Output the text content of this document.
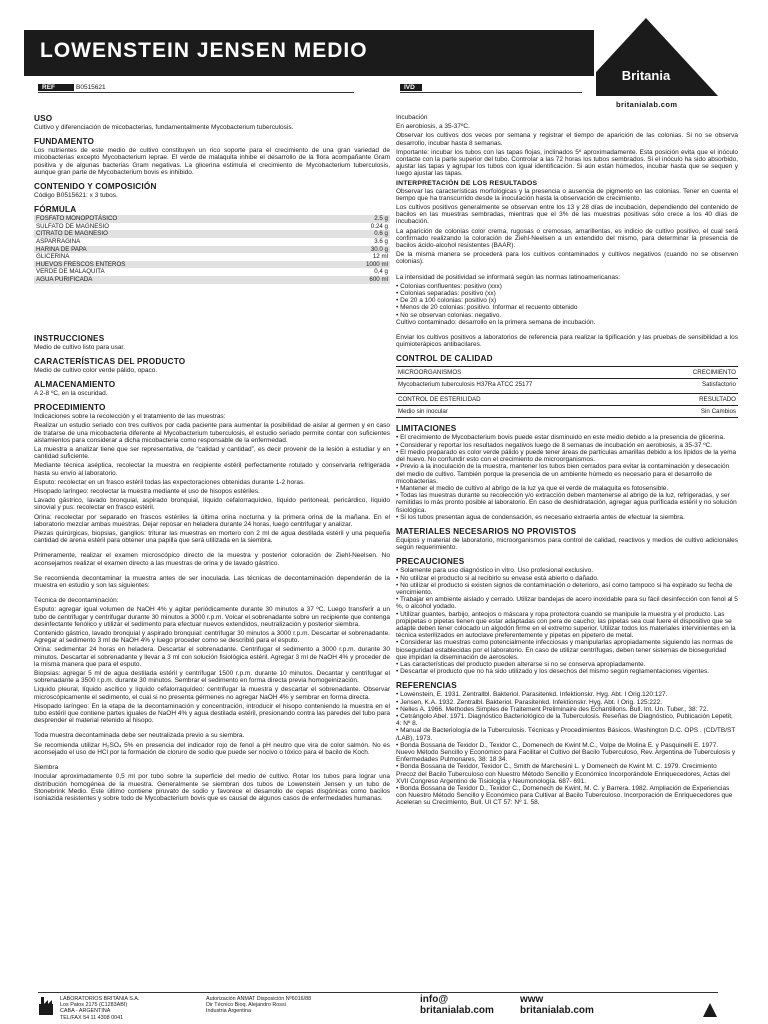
LOWENSTEIN JENSEN MEDIO
Britania
britanialab.com
REF	B0515621	IVD
USO

Cultivo y diferenciación de micobacterias, fundamentalmente Mycobacterium tuberculosis.

FUNDAMENTO

Los nutrientes de este medio de cultivo constituyen un rico soporte para el crecimiento de una gran variedad de micobacterias excepto Mycobacterium leprae. El verde de malaquita inhibe el desarrollo de la flora acompañante Gram positiva y de algunas bacterias Gram negativas. La glicerina estimula el crecimiento de Mycobacterium tuberculosis, aunque gran parte de Mycobacterium bovis es inhibido.

CONTENIDO Y COMPOSICIÓN

Código B0515621: x 3 tubos.

FÓRMULA
FOSFATO MONOPOTÁSICO	2.5 g
SULFATO DE MAGNESIO	0.24 g
CITRATO DE MAGNESIO	0.6 g
ASPARRAGINA	3.6 g
HARINA DE PAPA	30.0 g
GLICERINA	12 ml
HUEVOS FRESCOS ENTEROS	1000 ml
VERDE DE MALAQUITA	0,4 g
AGUA PURIFICADA	600 ml
INSTRUCCIONES

Medio de cultivo listo para usar.

CARACTERÍSTICAS DEL PRODUCTO

Medio de cultivo color verde pálido, opaco.

ALMACENAMIENTO

A 2-8 ºC, en la oscuridad.

PROCEDIMIENTO

Indicaciones sobre la recolección y el tratamiento de las muestras:

Realizar un estudio seriado con tres cultivos por cada paciente para aumentar la posibilidad de aislar al germen y en caso de tratarse de una micobacteria diferente al Mycobacterium tuberculosis, el estudio seriado permite contar con suficientes aislamientos para considerar a dicha micobacteria como responsable de la enfermedad.

La muestra a analizar tiene que ser representativa, de “calidad y cantidad”, es decir provenir de la lesión a estudiar y en cantidad suficiente.

Mediante técnica aséptica, recolectar la muestra en recipiente estéril perfectamente rotulado y conservarla refrigerada hasta su envío al laboratorio.

Esputo: recolectar en un frasco estéril todas las expectoraciones obtenidas durante 1-2 horas.

Hisopado laríngeo: recolectar la muestra mediante el uso de hisopos estériles.

Lavado gástrico, lavado bronquial, aspirado bronquial, líquido cefalorraquídeo, líquido peritoneal, pericárdico, líquido sinovial y pus: recolectar en frasco estéril.

Orina: recolectar por separado en frascos estériles la última orina nocturna y la primera orina de la mañana. En el laboratorio mezclar ambas muestras. Dejar reposar en heladera durante 24 horas, luego centrifugar y analizar.

Piezas quirúrgicas, biopsias, ganglios: triturar las muestras en mortero con 2 ml de agua destilada estéril y una pequeña cantidad de arena estéril para obtener una papilla que será utilizada en la siembra.

Primeramente, realizar el examen microscópico directo de la muestra y posterior coloración de Ziehl-Neelsen. No aconsejamos realizar el examen directo a las muestras de orina y de lavado gástrico.

Se recomienda decontaminar la muestra antes de ser inoculada. Las técnicas de decontaminación dependerán de la muestra en estudio y son las siguientes:

Técnica de decontaminación:

Esputo: agregar igual volumen de NaOH 4% y agitar periódicamente durante 30 minutos a 37 ºC. Luego transferir a un tubo de centrifugar y centrifugar durante 30 minutos a 3000 r.p.m. Volcar el sobrenadante sobre un recipiente que contenga desinfectante fenólico y utilizar el sedimento para efectuar nuevos extendidos, neutralización y posterior siembra.

Contenido gástrico, lavado bronquial y aspirado bronquial: centrifugar 30 minutos a 3000 r.p.m. Descartar el sobrenadante. Agregar al sedimento 3 ml de NaOH 4% y luego proceder como se describió para el esputo.

Orina: sedimentar 24 horas en heladera. Descartar el sobrenadante. Centrifugar el sedimento a 3000 r.p.m. durante 30 minutos. Descartar el sobrenadante y llevar a 3 ml con solución fisiológica estéril. Agregar 3 ml de NaOH 4% y proceder de la misma manera que para el esputo.

Biopsias: agregar 5 ml de agua destilada estéril y centrifugar 1500 r.p.m. durante 10 minutos. Decantar y centrifugar el sobrenadante a 3500 r.p.m. durante 30 minutos. Sembrar el sedimento en forma directa previa homogeinización.

Líquido pleural, líquido ascítico y líquido cefalorraquídeo: centrifugar la muestra y descartar el sobrenadante. Observar microscópicamente el sedimento, el cual si no presenta gérmenes no agregar NaOH 4% y sembrar en forma directa.

Hisopado laríngeo: En la etapa de la decontaminación y concentración, introducir el hisopo conteniendo la muestra en el tubo estéril que contiene partes iguales de NaOH 4% y agua destilada estéril, presionando contra las paredes del tubo para desprender el material retenido al hisopo.

Toda muestra decontaminada debe ser neutralizada previo a su siembra.

Se recomienda utilizar H₂SO₄ 5% en presencia del indicador rojo de fenol a pH neutro que vira de color salmón. No es aconsejado el uso de HCl por la formación de cloruro de sodio que puede ser nocivo o tóxico para el bacilo de Koch.

Siembra

Inocular aproximadamente 0,5 ml por tubo sobre la superficie del medio de cultivo. Rotar los tubos para lograr una distribución homogénea de la muestra. Generalmente se siembran dos tubos de Lowenstein Jensen y un tubo de Stonebrink Medio. Este último contiene piruvato de sodio y favorece el desarrollo de cepas disgónicas como bacilos isoniazida resistentes y sobre todo de Mycobacterium bovis que es causal de algunos casos de enfermedades humanas.

Incubación

En aerobiosis, a 35-37ºC.

Observar los cultivos dos veces por semana y registrar el tiempo de aparición de las colonias. Si no se observa desarrollo, incubar hasta 8 semanas.

Importante: incubar los tubos con las tapas flojas, inclinados 5º aproximadamente. Esta posición evita que el inóculo contacte con la parte superior del tubo. Controlar a las 72 horas los tubos sembrados. Si el inóculo ha sido absorbido, ajustar las tapas y agrupar los tubos con igual identificación. Si aún están húmedos, incubar hasta que se sequen y luego ajustar las tapas.

INTERPRETACIÓN DE LOS RESULTADOS

Observar las características morfológicas y la presencia o ausencia de pigmento en las colonias. Tener en cuenta el tiempo que ha transcurrido desde la inoculación hasta la observación de crecimiento.

Los cultivos positivos generalmente se observan entre los 13 y 28 días de incubación, dependiendo del contenido de bacilos en las muestras sembradas, mientras que el 3% de las muestras positivas sólo crece a los 40 días de incubación.

La aparición de colonias color crema, rugosas o cremosas, amarillentas, es indicio de cultivo positivo, el cual será confirmado realizando la coloración de Ziehl-Neelsen a un extendido del mismo, para determinar la presencia de bacilos ácido-alcohol resistentes (BAAR).

De la misma manera se procederá para los cultivos contaminados y cultivos negativos (cuando no se observen colonias).

La intensidad de positividad se informará según las normas latinoamericanas:

• Colonias confluentes: positivo (xxx)

• Colonias separadas: positivo (xx)

• De 20 a 100 colonias: positivo (x)

• Menos de 20 colonias: positivo. Informar el recuento obtenido

• No se observan colonias: negativo.

Cultivo contaminado: desarrollo en la primera semana de incubación.

Enviar los cultivos positivos a laboratorios de referencia para realizar la tipificación y las pruebas de sensibilidad a los quimioterápicos antibacilares.

CONTROL DE CALIDAD
MICROORGANISMOS	CRECIMIENTO
Mycobacterium tuberculosis H37Ra ATCC 25177	Satisfactorio

CONTROL DE ESTERILIDAD	RESULTADO
Medio sin inocular	Sin Cambios
LIMITACIONES

• El crecimiento de Mycobacterium bovis puede estar disminuido en este medio debido a la presencia de glicerina.

• Considerar y reportar los resultados negativos luego de 8 semanas de incubación en aerobiosis, a 35-37 ºC.

• El medio preparado es color verde pálido y puede tener áreas de partículas amarillas debido a los lípidos de la yema del huevo. No confundir esto con el crecimiento de microorganismos.

• Previo a la inoculación de la muestra, mantener los tubos bien cerrados para evitar la contaminación y desecación del medio de cultivo. También porque la presencia de un ambiente húmedo es necesario para el desarrollo de micobacterias.

• Mantener el medio de cultivo al abrigo de la luz ya que el verde de malaquita es fotosensible.

• Todas las muestras durante su recolección y/o extracción deben mantenerse al abrigo de la luz, refrigeradas, y ser remitidas lo más pronto posible al laboratorio. En caso de deshidratación, agregar agua purificada estéril y no solución fisiológica.

• Si los tubos presentan agua de condensación, es necesario extraerla antes de efectuar la siembra.

MATERIALES NECESARIOS NO PROVISTOS

Equipos y material de laboratorio, microorganismos para control de calidad, reactivos y medios de cultivo adicionales según requerimiento.

PRECAUCIONES

• Solamente para uso diagnóstico in vitro. Uso profesional exclusivo.

• No utilizar el producto si al recibirlo su envase está abierto o dañado.

• No utilizar el producto si existen signos de contaminación o deterioro, así como tampoco si ha expirado su fecha de vencimiento.

• Trabajar en ambiente aislado y cerrado. Utilizar bandejas de acero inoxidable para su fácil desinfección con fenol al 5 %, o alcohol yodado.

• Utilizar guantes, barbijo, anteojos o máscara y ropa protectora cuando se manipule la muestra y el producto. Las propipetas o pipetas tienen que estar adaptadas con pera de caucho; las pipetas sea cual fuere el dispositivo que se adapte deben tener colocado un algodón firme en el extremo superior. Utilizar todos los materiales intervinientes en la técnica esterilizados en autoclave preferentemente y pipetas en pipetero de metal.

• Considerar las muestras como potencialmente infecciosas y manipularlas apropiadamente siguiendo las normas de bioseguridad establecidas por el laboratorio. En caso de utilizar centrífugas, deben tener sistemas de bioseguridad que impidan la diseminación de aerosoles.

• Las características del producto pueden alterarse si no se conserva apropiadamente.

• Descartar el producto que no ha sido utilizado y los desechos del mismo según reglamentaciones vigentes.

REFERENCIAS

• Lowenstein, E. 1931. Zentrallbl. Bakteriol. Parasitenkd. Infektionskr. Hyg. Abt. I Orig.120:127.

• Jensen, K.A. 1932. Zentralbl. Bakteriol. Parasitenkd. Infektionskr. Hyg. Abt. I Orig. 125:222.

• Nelles A. 1966. Methodes Simples de Traitement Preliminaire des Echantillons. Bull. Int. Un. Tuber., 38: 72.

• Cetrángolo Abel. 1971. Diagnóstico Bacteriológico de la Tuberculosis. Reseñas de Diagnóstico, Publicación Lepetit, 4: Nº 8.

• Manual de Bacteriología de la Tuberculosis. Técnicas y Procedimientos Básicos. Washington D.C. OPS . (CD/TB/ST /LAB), 1973.

• Bonda Bossana de Texidor D., Texidor C., Domenech de Kwint M.C., Volpe de Molina E. y Pasquinelli E. 1977. Nuevo Método Sencillo y Económico para Facilitar el Cultivo del Bacilo Tuberculoso, Rev. Argentina de Tuberculosis y Enfermedades Pulmonares, 38: 18 34.

• Bonda Bossana de Texidor, Texidor C., Smith de Marchesini L. y Domenech de Kwint M. C. 1979. Crecimiento Precoz del Bacilo Tuberculoso con Nuestro Método Sencillo y Económico Incorporándole Enriquecedores, Actas del XVII Congreso Argentino de Tisiología y Neumonología. 687- 691.

• Bonda Bossana de Texidor D., Texidor C., Domenech de Kwint, M. C. y Barrera. 1982. Ampliación de Experiencias con Nuestro Método Sencillo y Económico para Cultivar al Bacilo Tuberculoso. Incorporación de Enriquecedores que Aceleran su Crecimiento, Bull. UI CT 57: Nº 1. 58.

LABORATORIOS BRITANIA S.A.
Los Patos 2175 (C1283ABI)
CABA - ARGENTINA
TEL/FAX 54 11 4308 0041
Autorización ANMAT Disposición Nº6016/88
Dir Técnico Bioq. Alejandro Rossi
Industria Argentina
info@
britanialab.com
www
britanialab.com
